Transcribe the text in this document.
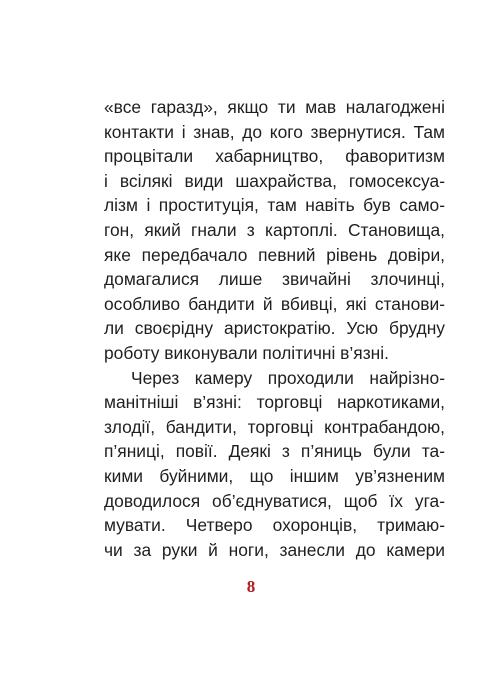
«все гаразд», якщо ти мав налагоджені
контакти і знав, до кого звернутися. Там
процвітали хабарництво, фаворитизм
і всілякі види шахрайства, гомосексуа-
лізм і проституція, там навіть був само-
гон, який гнали з картоплі. Становища,
яке передбачало певний рівень довіри,
домагалися лише звичайні злочинці,
особливо бандити й вбивці, які станови-
ли своєрідну аристократію. Усю брудну
роботу виконували політичні в’язні.
Через камеру проходили найрізно-
манітніші в’язні: торговці наркотиками,
злодії, бандити, торговці контрабандою,
п’яниці, повії. Деякі з п’яниць були та-
кими буйними, що іншим ув’язненим
доводилося об’єднуватися, щоб їх уга-
мувати. Четверо охоронців, тримаю-
чи за руки й ноги, занесли до камери
8
